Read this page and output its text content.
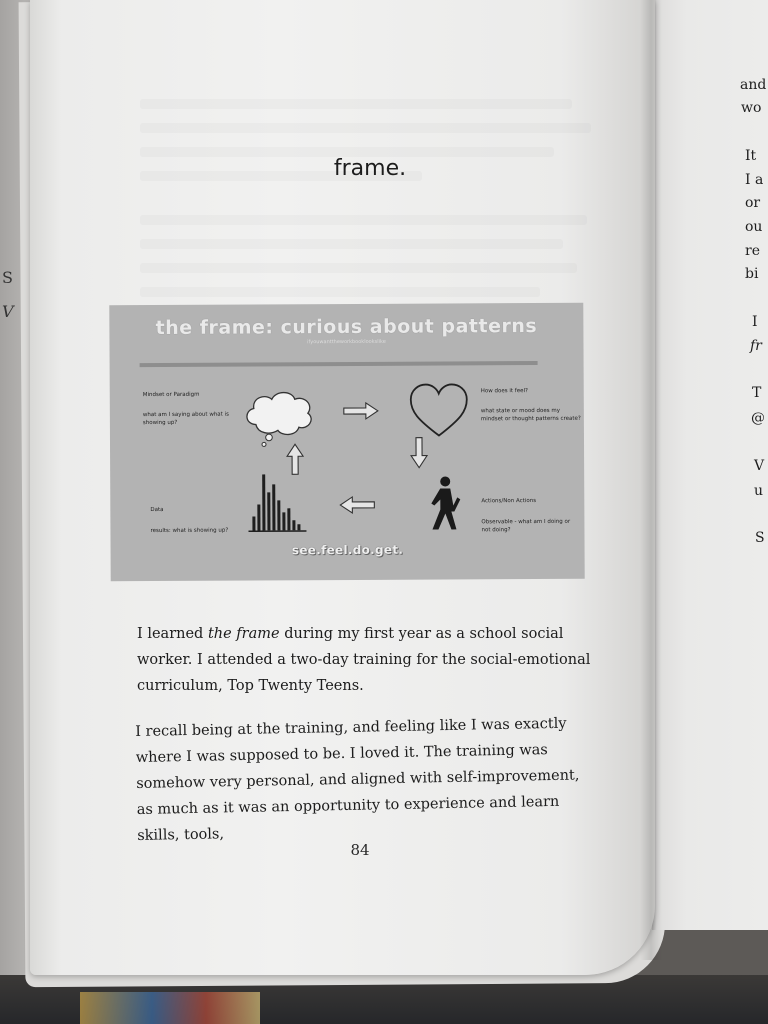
S
V
and
wo
It
I a
or
ou
re
bi
I
fr
T
@
V
u
S
frame.
the frame: curious about patterns
ifyouwanttheworkbooklookslike
Mindset or Paradigm
what am I saying about what is showing up?
How does it feel?
what state or mood does my mindset or thought patterns create?
Data
results: what is showing up?
Actions/Non Actions
Observable - what am I doing or not doing?
see.feel.do.get.

I learned the frame during my first year as a school social worker. I attended a two-day training for the social-emotional curriculum, Top Twenty Teens.

I recall being at the training, and feeling like I was exactly where I was supposed to be. I loved it. The training was somehow very personal, and aligned with self-improvement, as much as it was an opportunity to experience and learn skills, tools,

84
